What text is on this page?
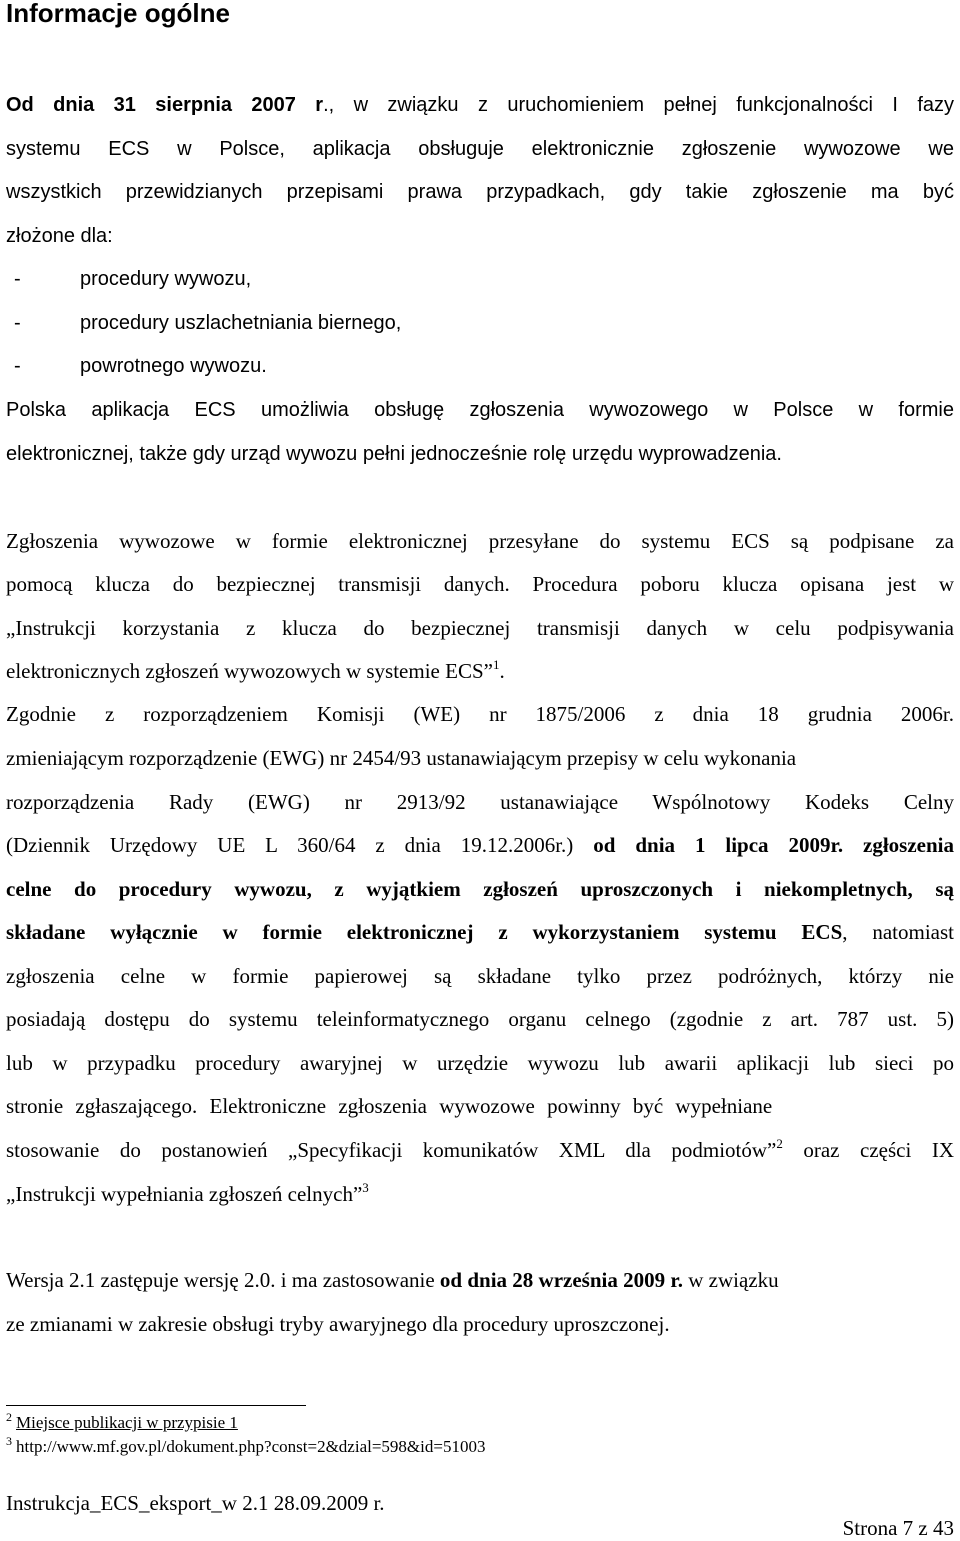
Informacje ogólne
Od dnia 31 sierpnia 2007 r., w związku z uruchomieniem pełnej funkcjonalności I fazy
systemu ECS w Polsce, aplikacja obsługuje elektronicznie zgłoszenie wywozowe we
wszystkich przewidzianych przepisami prawa przypadkach, gdy takie zgłoszenie ma być
złożone dla:
-	procedury wywozu,
-	procedury uszlachetniania biernego,
-	powrotnego wywozu.
Polska aplikacja ECS umożliwia obsługę zgłoszenia wywozowego w Polsce w formie
elektronicznej, także gdy urząd wywozu pełni jednocześnie rolę urzędu wyprowadzenia.
Zgłoszenia wywozowe w formie elektronicznej przesyłane do systemu ECS są podpisane za
pomocą klucza do bezpiecznej transmisji danych. Procedura poboru klucza opisana jest w
„Instrukcji korzystania z klucza do bezpiecznej transmisji danych w celu podpisywania
elektronicznych zgłoszeń wywozowych w systemie ECS”$^1$.
Zgodnie z rozporządzeniem Komisji (WE) nr 1875/2006 z dnia 18 grudnia 2006r.
zmieniającym rozporządzenie (EWG) nr 2454/93 ustanawiającym przepisy w celu wykonania
rozporządzenia Rady (EWG) nr 2913/92 ustanawiające Wspólnotowy Kodeks Celny
(Dziennik Urzędowy UE L 360/64 z dnia 19.12.2006r.) od dnia 1 lipca 2009r. zgłoszenia
celne do procedury wywozu, z wyjątkiem zgłoszeń uproszczonych i niekompletnych, są
składane wyłącznie w formie elektronicznej z wykorzystaniem systemu ECS, natomiast
zgłoszenia celne w formie papierowej są składane tylko przez podróżnych, którzy nie
posiadają dostępu do systemu teleinformatycznego organu celnego (zgodnie z art. 787 ust. 5)
lub w przypadku procedury awaryjnej w urzędzie wywozu lub awarii aplikacji lub sieci po
stronie zgłaszającego. Elektroniczne zgłoszenia wywozowe powinny być wypełniane
stosowanie do postanowień „Specyfikacji komunikatów XML dla podmiotów”$^2$ oraz części IX
„Instrukcji wypełniania zgłoszeń celnych”$^3$
Wersja 2.1 zastępuje wersję 2.0. i ma zastosowanie od dnia 28 września 2009 r. w związku
ze zmianami w zakresie obsługi tryby awaryjnego dla procedury uproszczonej.
$^2$ Miejsce publikacji w przypisie 1
$^3$ http://www.mf.gov.pl/dokument.php?const=2&dzial=598&id=51003
Instrukcja_ECS_eksport_w 2.1 28.09.2009 r.
Strona 7 z 43
